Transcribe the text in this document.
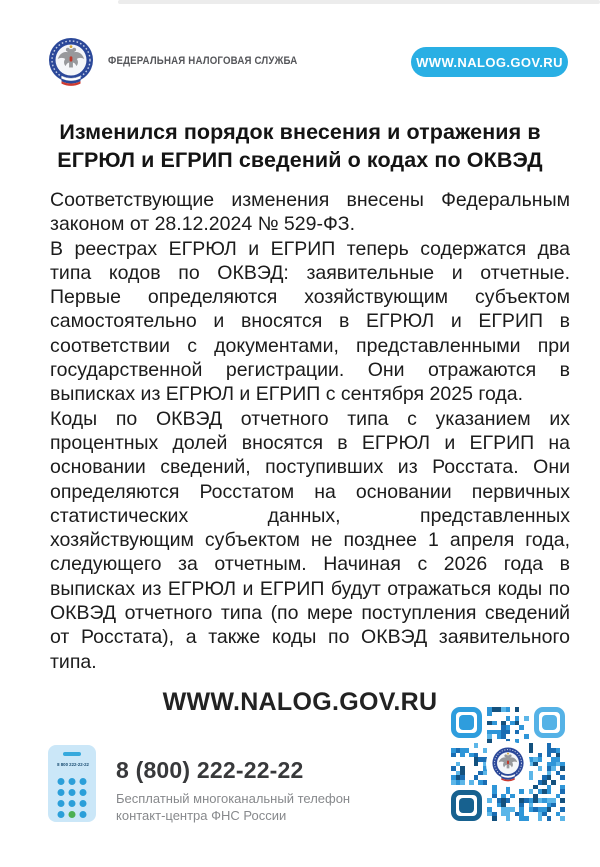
ФЕДЕРАЛЬНАЯ НАЛОГОВАЯ СЛУЖБА	WWW.NALOG.GOV.RU
Изменился порядок внесения и отражения в
ЕГРЮЛ и ЕГРИП сведений о кодах по ОКВЭД

Соответствующие изменения внесены Федеральным законом от 28.12.2024 № 529-ФЗ.

В реестрах ЕГРЮЛ и ЕГРИП теперь содержатся два типа кодов по ОКВЭД: заявительные и отчетные. Первые определяются хозяйствующим субъектом самостоятельно и вносятся в ЕГРЮЛ и ЕГРИП в соответствии с документами, представленными при государственной регистрации. Они отражаются в выписках из ЕГРЮЛ и ЕГРИП с сентября 2025 года.

Коды по ОКВЭД отчетного типа с указанием их процентных долей вносятся в ЕГРЮЛ и ЕГРИП на основании сведений, поступивших из Росстата. Они определяются Росстатом на основании первичных статистических данных, представленных хозяйствующим субъектом не позднее 1 апреля года, следующего за отчетным. Начиная с 2026 года в выписках из ЕГРЮЛ и ЕГРИП будут отражаться коды по ОКВЭД отчетного типа (по мере поступления сведений от Росстата), а также коды по ОКВЭД заявительного типа.

WWW.NALOG.GOV.RU
8 800 222-22-22 8 (800) 222-22-22
Бесплатный многоканальный телефон
контакт-центра ФНС России
